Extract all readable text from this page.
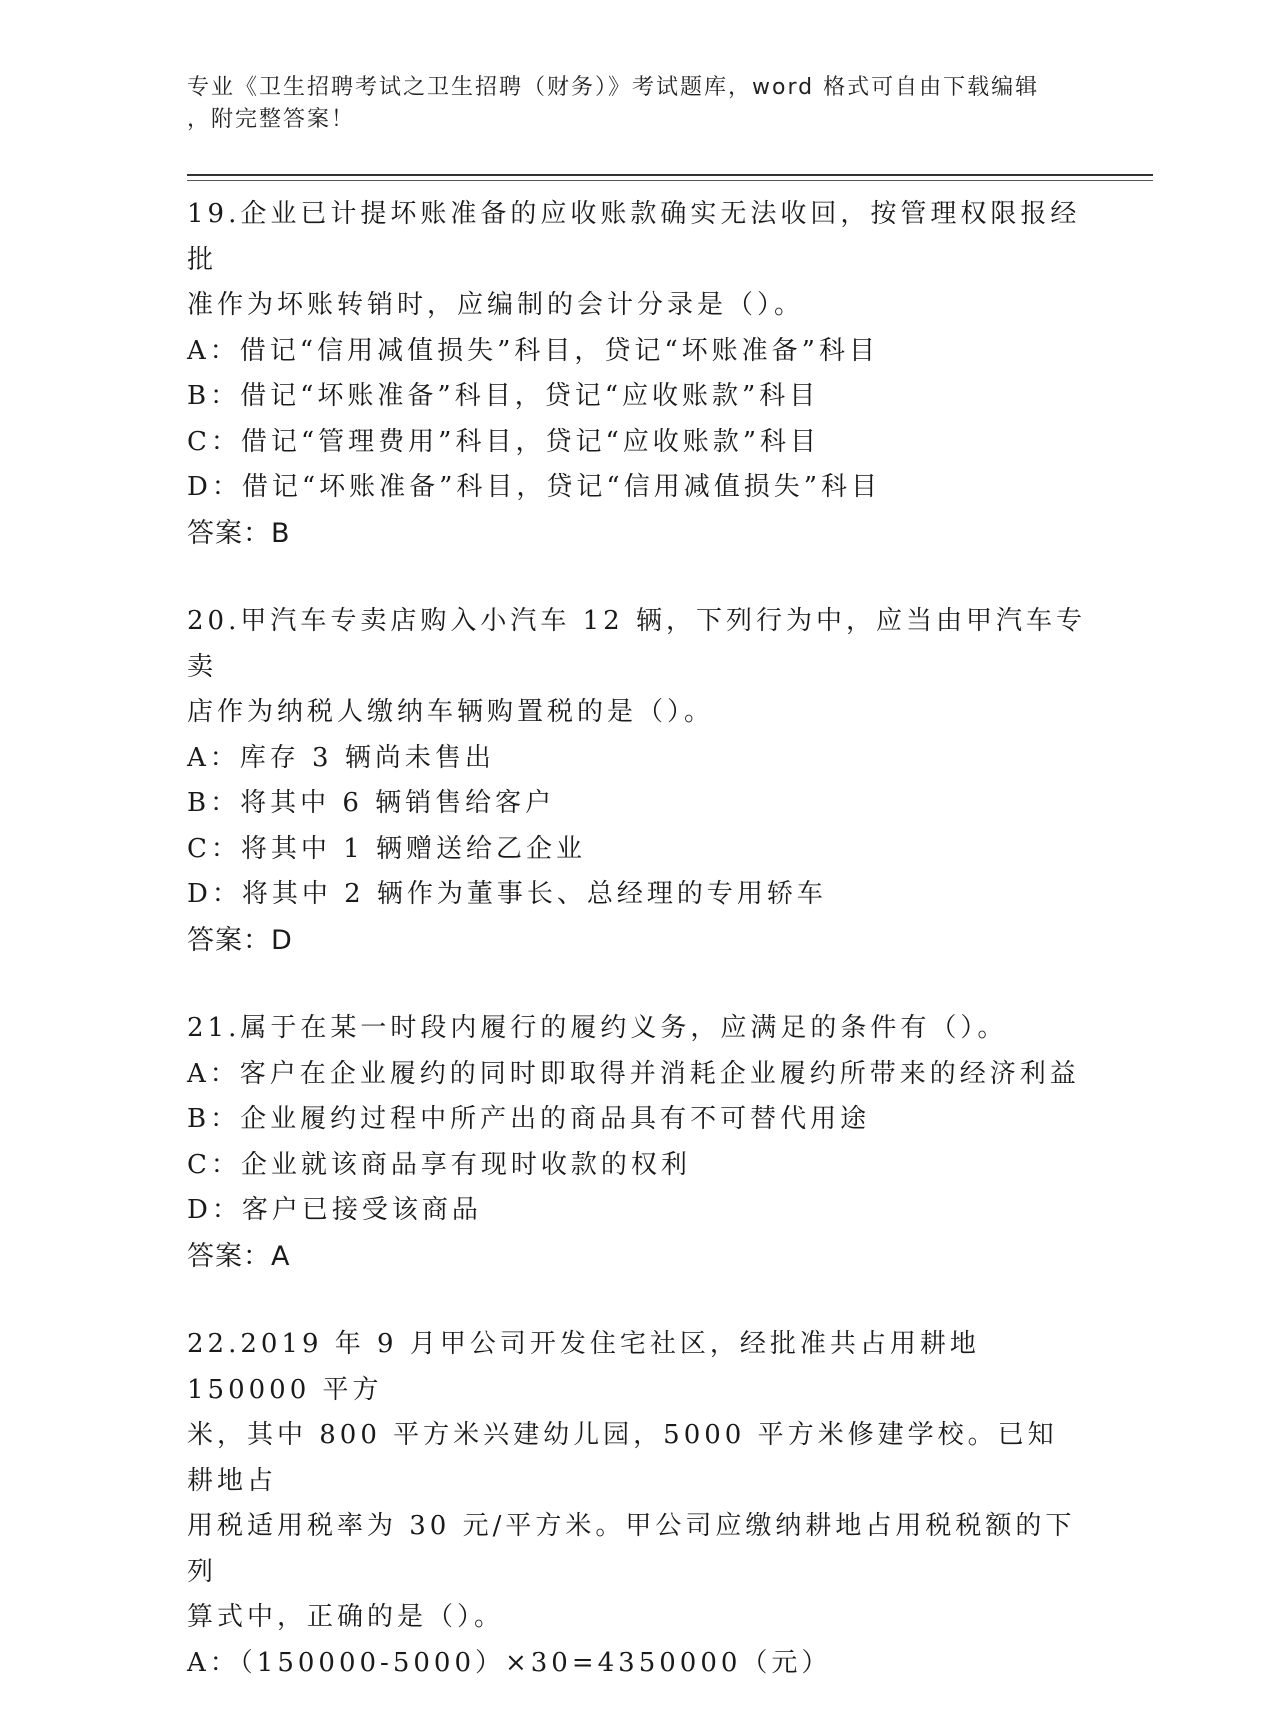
专业《卫生招聘考试之卫生招聘（财务）》考试题库，word 格式可自由下载编辑

，附完整答案！

19.企业已计提坏账准备的应收账款确实无法收回，按管理权限报经批
准作为坏账转销时，应编制的会计分录是（）。

A：借记“信用减值损失”科目，贷记“坏账准备”科目

B：借记“坏账准备”科目，贷记“应收账款”科目

C：借记“管理费用”科目，贷记“应收账款”科目

D：借记“坏账准备”科目，贷记“信用减值损失”科目

答案：B

20.甲汽车专卖店购入小汽车 12 辆，下列行为中，应当由甲汽车专卖
店作为纳税人缴纳车辆购置税的是（）。

A：库存 3 辆尚未售出

B：将其中 6 辆销售给客户

C：将其中 1 辆赠送给乙企业

D：将其中 2 辆作为董事长、总经理的专用轿车

答案：D

21.属于在某一时段内履行的履约义务，应满足的条件有（）。

A：客户在企业履约的同时即取得并消耗企业履约所带来的经济利益

B：企业履约过程中所产出的商品具有不可替代用途

C：企业就该商品享有现时收款的权利

D：客户已接受该商品

答案：A

22.2019 年 9 月甲公司开发住宅社区，经批准共占用耕地 150000 平方
米，其中 800 平方米兴建幼儿园，5000 平方米修建学校。已知耕地占
用税适用税率为 30 元/平方米。甲公司应缴纳耕地占用税税额的下列
算式中，正确的是（）。

A：（150000-5000）×30=4350000（元）
